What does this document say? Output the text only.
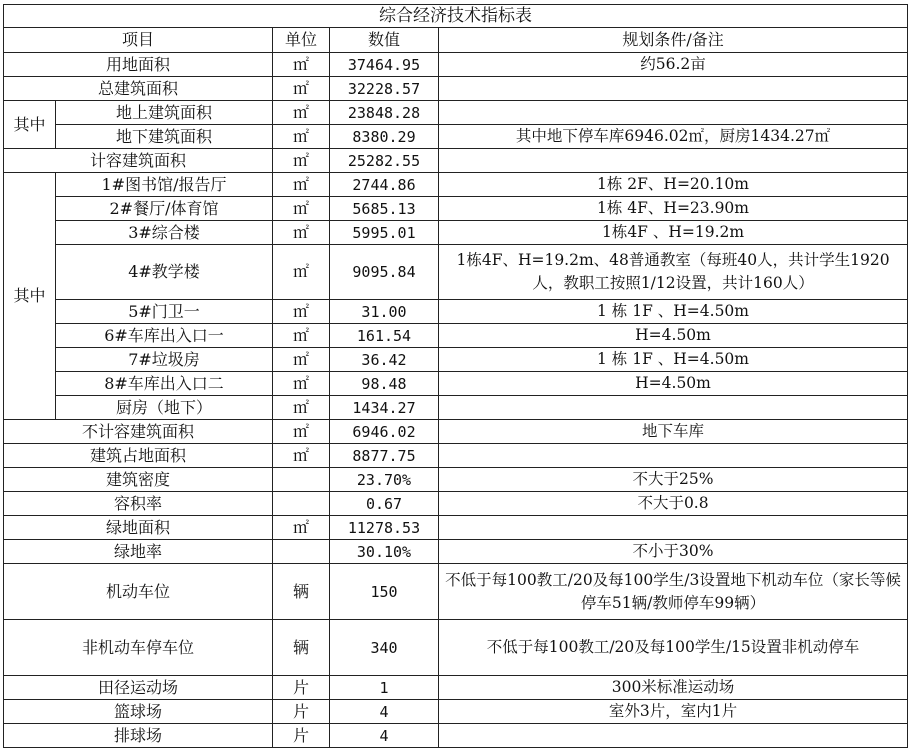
综合经济技术指标表				
项目		单位	数值	规划条件/备注
用地面积		㎡	37464.95	约56.2亩
总建筑面积		㎡	32228.57	
其中	地上建筑面积	㎡	23848.28	
	地下建筑面积	㎡	8380.29	其中地下停车库6946.02㎡，厨房1434.27㎡
计容建筑面积		㎡	25282.55	
其中	1#图书馆/报告厅	㎡	2744.86	1栋 2F、H=20.10m
	2#餐厅/体育馆	㎡	5685.13	1栋 4F、H=23.90m
	3#综合楼	㎡	5995.01	1栋4F 、H=19.2m
	4#教学楼	㎡	9095.84	1栋4F、H=19.2m、48普通教室（每班40人，共计学生1920人，教职工按照1/12设置，共计160人）
	5#门卫一	㎡	31.00	1 栋 1F 、H=4.50m
	6#车库出入口一	㎡	161.54	H=4.50m
	7#垃圾房	㎡	36.42	1 栋 1F 、H=4.50m
	8#车库出入口二	㎡	98.48	H=4.50m
	厨房（地下）	㎡	1434.27	
不计容建筑面积		㎡	6946.02	地下车库
建筑占地面积		㎡	8877.75	
建筑密度			23.70%	不大于25%
容积率			0.67	不大于0.8
绿地面积		㎡	11278.53	
绿地率			30.10%	不小于30%
机动车位		辆	150	不低于每100教工/20及每100学生/3设置地下机动车位（家长等候停车51辆/教师停车99辆）
非机动车停车位		辆	340	不低于每100教工/20及每100学生/15设置非机动停车
田径运动场		片	1	300米标准运动场
篮球场		片	4	室外3片，室内1片
排球场		片	4	
